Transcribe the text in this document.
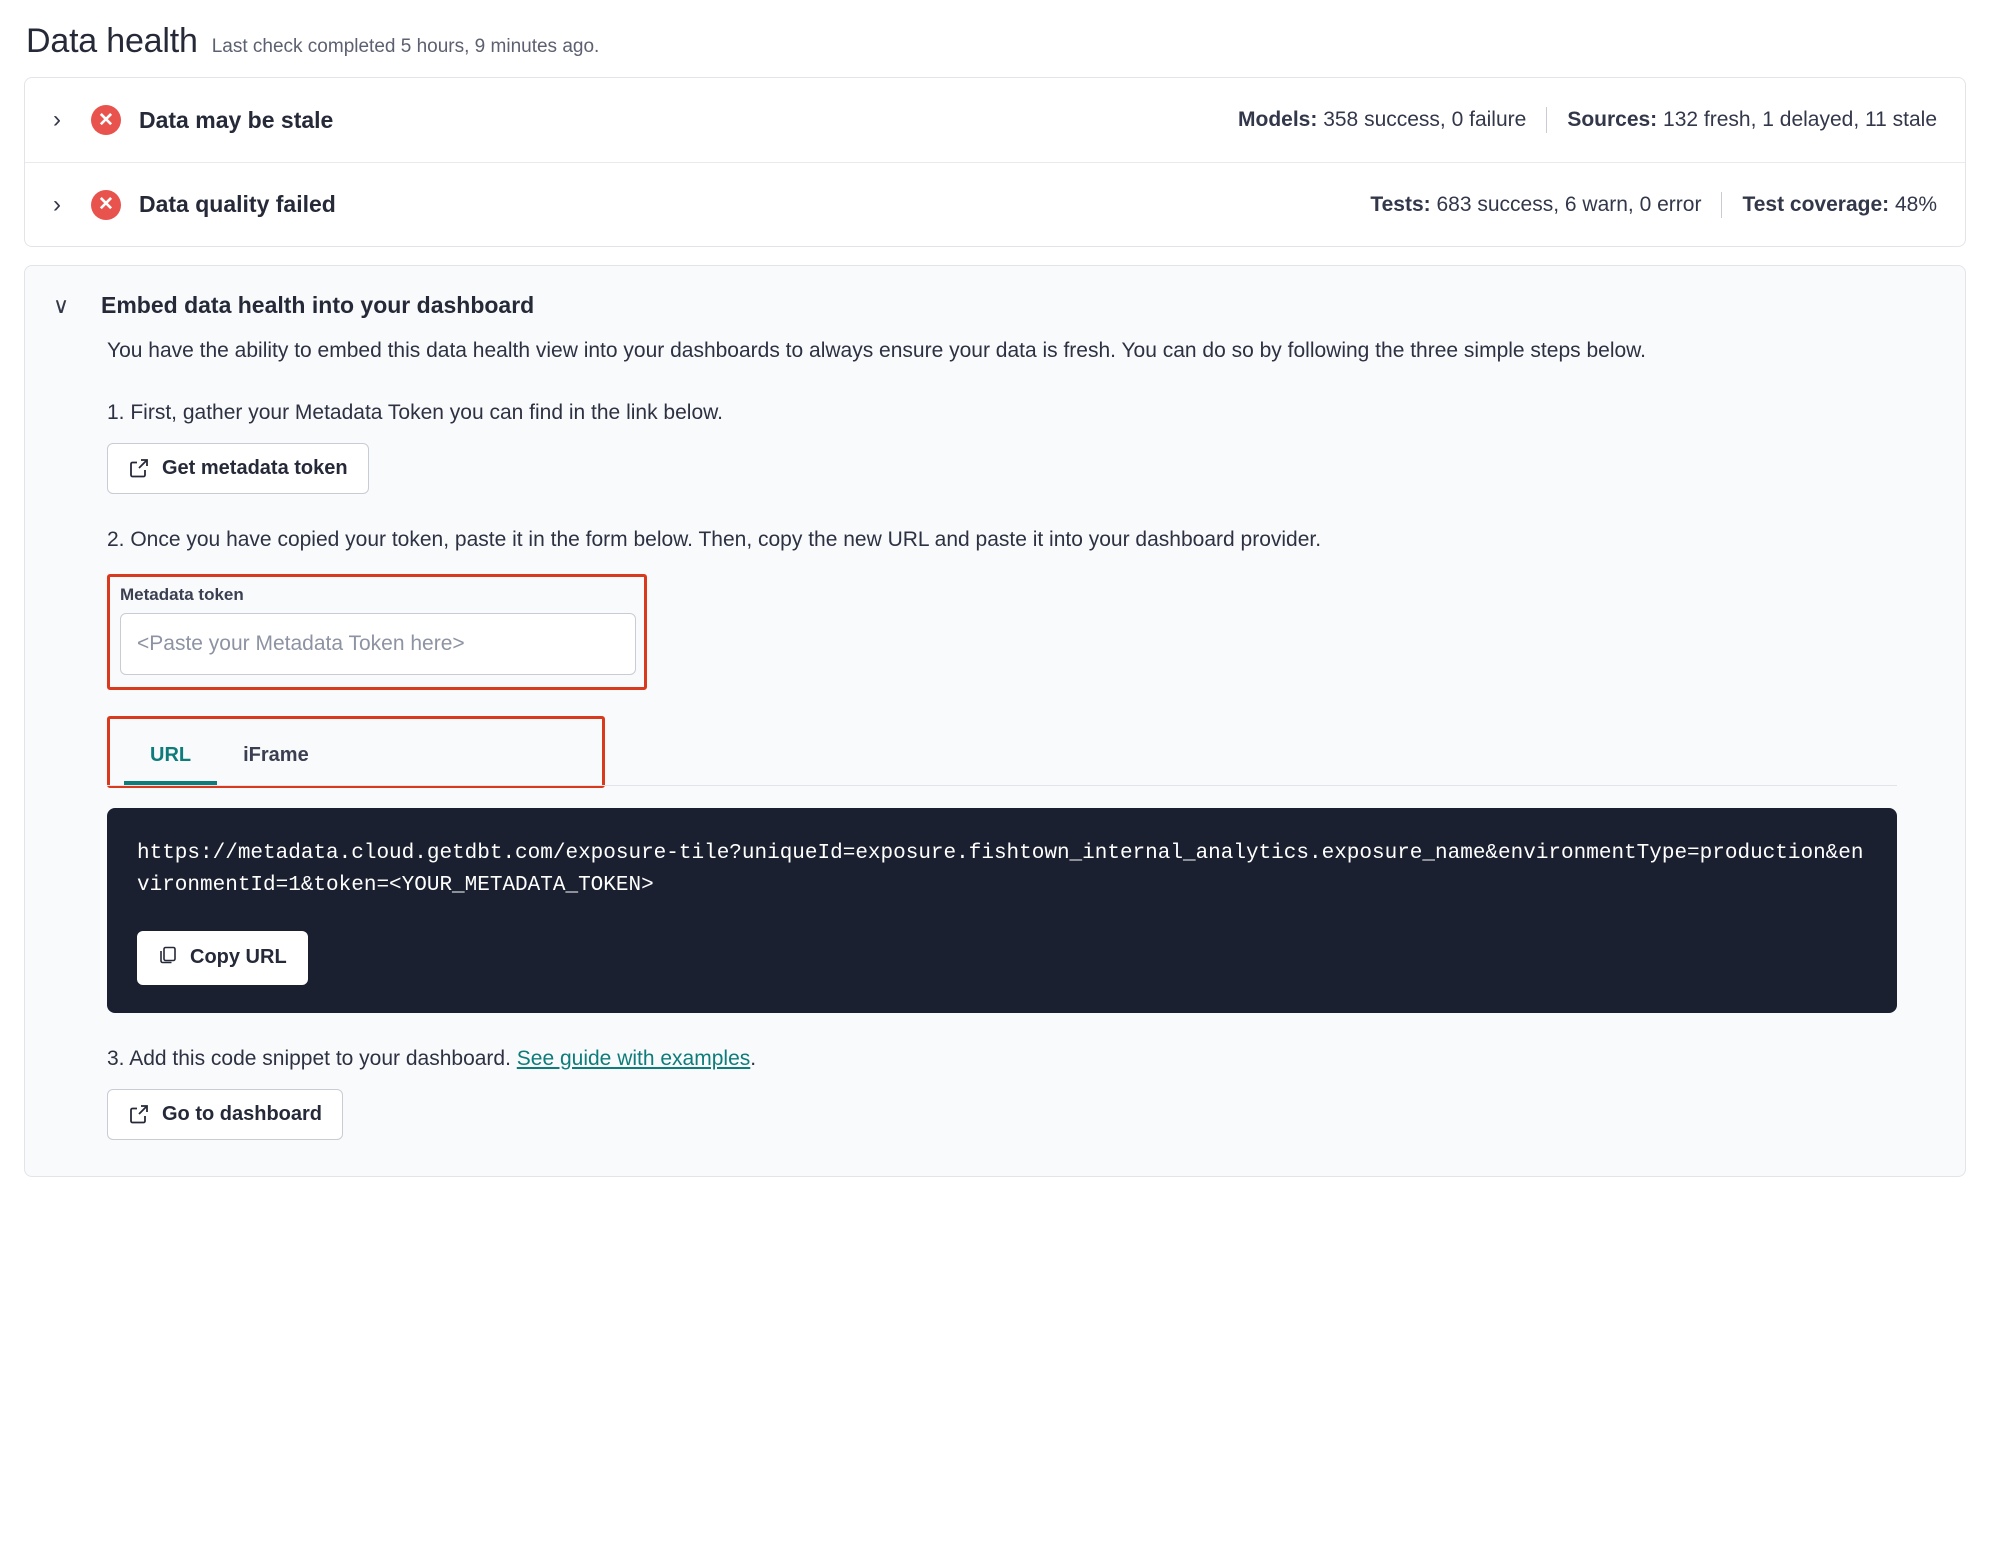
Data health Last check completed 5 hours, 9 minutes ago.
›	✕	Data may be stale	Models:
358 success, 0 failure Sources:
132 fresh, 1 delayed, 11 stale
›	✕	Data quality failed	Tests:
683 success, 6 warn, 0 error Test coverage:
48%
∨	Embed data health into your dashboard

You have the ability to embed this data health view into your dashboards to always ensure your data is fresh. You can do so by following the three simple steps below.

1. First, gather your Metadata Token you can find in the link below.
Get metadata token
2. Once you have copied your token, paste it in the form below. Then, copy the new URL and paste it into your dashboard provider.
Metadata token
<Paste your Metadata Token here>
URL	iFrame

https://metadata.cloud.getdbt.com/exposure-tile?uniqueId=exposure.fishtown_internal_analytics.exposure_name&environmentType=production&environmentId=1&token=<YOUR_METADATA_TOKEN>

Copy URL
3. Add this code snippet to your dashboard. See guide with examples.
Go to dashboard
